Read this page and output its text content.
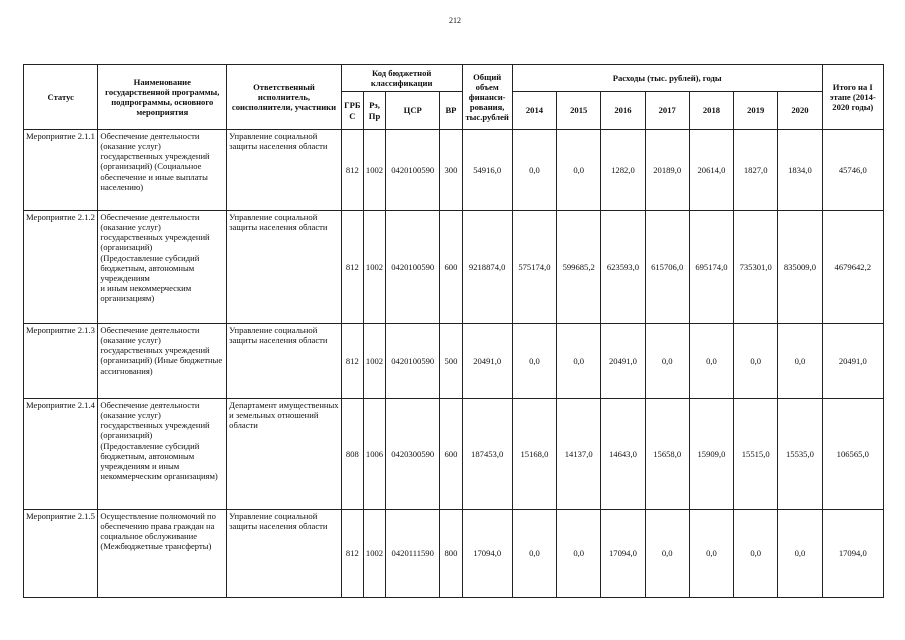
212
Статус	Наименование государственной программы, подпрограммы, основного мероприятия	Ответственный исполнитель, соисполнители, участники	Код бюджетной классификации				Общий объем финанси-рования, тыс.рублей	Расходы (тыс. рублей), годы							Итого на I этапе (2014-2020 годы)
			ГРБ С	Рз, Пр	ЦСР	ВР		2014	2015	2016	2017	2018	2019	2020	
Мероприятие 2.1.1	Обеспечение деятельности (оказание услуг) государственных учреждений (организаций) (Социальное обеспечение и иные выплаты населению)	Управление социальной защиты населения области	812	1002	0420100590	300	54916,0	0,0	0,0	1282,0	20189,0	20614,0	1827,0	1834,0	45746,0
Мероприятие 2.1.2	Обеспечение деятельности (оказание услуг) государственных учреждений (организаций)
(Предоставление субсидий бюджетным, автономным учреждениям
и иным некоммерческим организациям)	Управление социальной защиты населения области	812	1002	0420100590	600	9218874,0	575174,0	599685,2	623593,0	615706,0	695174,0	735301,0	835009,0	4679642,2
Мероприятие 2.1.3	Обеспечение деятельности (оказание услуг) государственных учреждений (организаций) (Иные бюджетные ассигнования)	Управление социальной защиты населения области	812	1002	0420100590	500	20491,0	0,0	0,0	20491,0	0,0	0,0	0,0	0,0	20491,0
Мероприятие 2.1.4	Обеспечение деятельности (оказание услуг) государственных учреждений (организаций)
(Предоставление субсидий бюджетным, автономным учреждениям и иным некоммерческим организациям)	Департамент имущественных
и земельных отношений области	808	1006	0420300590	600	187453,0	15168,0	14137,0	14643,0	15658,0	15909,0	15515,0	15535,0	106565,0
Мероприятие 2.1.5	Осуществление полномочий по обеспечению права граждан на социальное обслуживание
(Межбюджетные трансферты)	Управление социальной защиты населения области	812	1002	0420111590	800	17094,0	0,0	0,0	17094,0	0,0	0,0	0,0	0,0	17094,0
